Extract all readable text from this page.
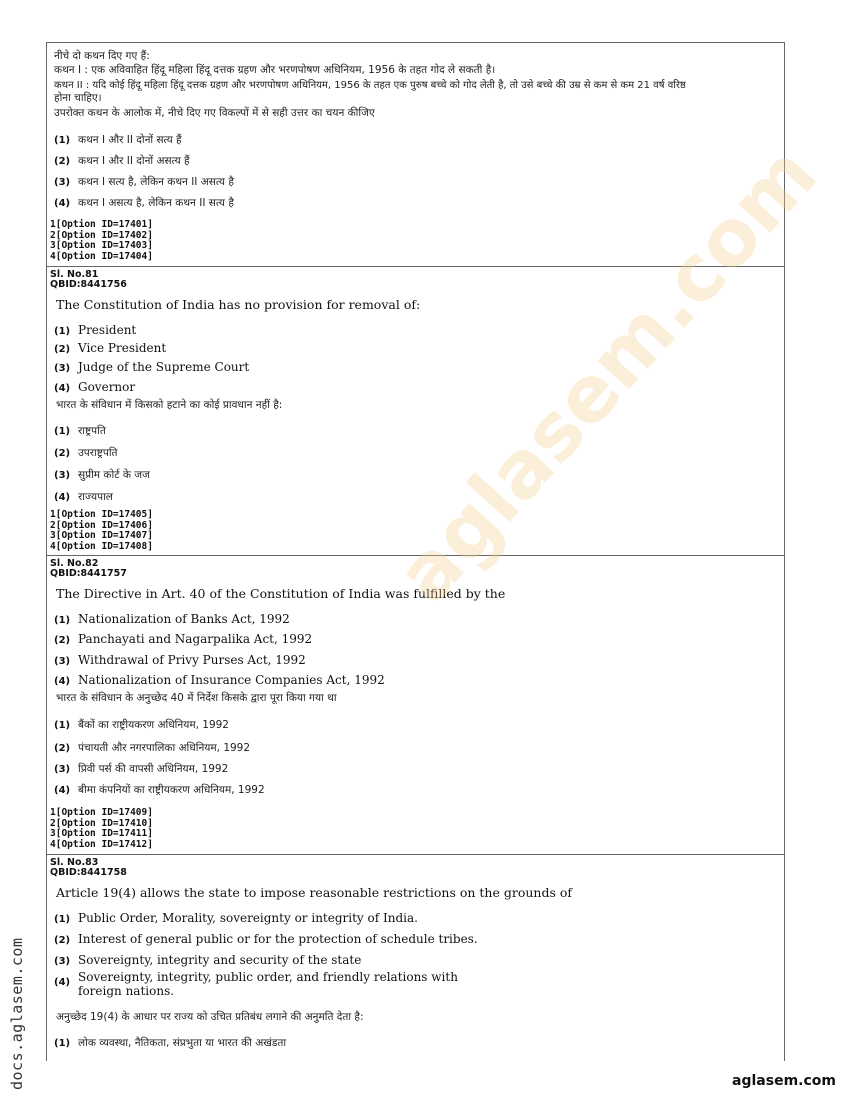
नीचे दो कथन दिए गए हैं:
कथन I : एक अविवाहित हिंदू महिला हिंदू दत्तक ग्रहण और भरणपोषण अधिनियम, 1956 के तहत गोद ले सकती है।
कथन II : यदि कोई हिंदू महिला हिंदू दत्तक ग्रहण और भरणपोषण अधिनियम, 1956 के तहत एक पुरुष बच्चे को गोद लेती है, तो उसे बच्चे की उम्र से कम से कम 21 वर्ष वरिष्ठ
होना चाहिए।
उपरोक्त कथन के आलोक में, नीचे दिए गए विकल्पों में से सही उत्तर का चयन कीजिए
(1) कथन I और II दोनों सत्य हैं
(2) कथन I और II दोनों असत्य हैं
(3) कथन I सत्य है, लेकिन कथन II असत्य है
(4) कथन I असत्य है, लेकिन कथन II सत्य है
1[Option ID=17401]
2[Option ID=17402]
3[Option ID=17403]
4[Option ID=17404]
Sl. No.81
QBID:8441756
The Constitution of India has no provision for removal of:
(1) President
(2) Vice President
(3) Judge of the Supreme Court
(4) Governor
भारत के संविधान में किसको हटाने का कोई प्रावधान नहीं है:
(1) राष्ट्रपति
(2) उपराष्ट्रपति
(3) सुप्रीम कोर्ट के जज
(4) राज्यपाल
1[Option ID=17405]
2[Option ID=17406]
3[Option ID=17407]
4[Option ID=17408]
Sl. No.82
QBID:8441757
The Directive in Art. 40 of the Constitution of India was fulfilled by the
(1) Nationalization of Banks Act, 1992
(2) Panchayati and Nagarpalika Act, 1992
(3) Withdrawal of Privy Purses Act, 1992
(4) Nationalization of Insurance Companies Act, 1992
भारत के संविधान के अनुच्छेद 40 में निर्देश किसके द्वारा पूरा किया गया था
(1) बैंकों का राष्ट्रीयकरण अधिनियम, 1992
(2) पंचायती और नगरपालिका अधिनियम, 1992
(3) प्रिवी पर्स की वापसी अधिनियम, 1992
(4) बीमा कंपनियों का राष्ट्रीयकरण अधिनियम, 1992
1[Option ID=17409]
2[Option ID=17410]
3[Option ID=17411]
4[Option ID=17412]
Sl. No.83
QBID:8441758
Article 19(4) allows the state to impose reasonable restrictions on the grounds of
(1) Public Order, Morality, sovereignty or integrity of India.
(2) Interest of general public or for the protection of schedule tribes.
(3) Sovereignty, integrity and security of the state
(4) Sovereignty, integrity, public order, and friendly relations with
foreign nations.
अनुच्छेद 19(4) के आधार पर राज्य को उचित प्रतिबंध लगाने की अनुमति देता है:
(1) लोक व्यवस्था, नैतिकता, संप्रभुता या भारत की अखंडता
aglasem.com
docs.aglasem.com	aglasem.com
